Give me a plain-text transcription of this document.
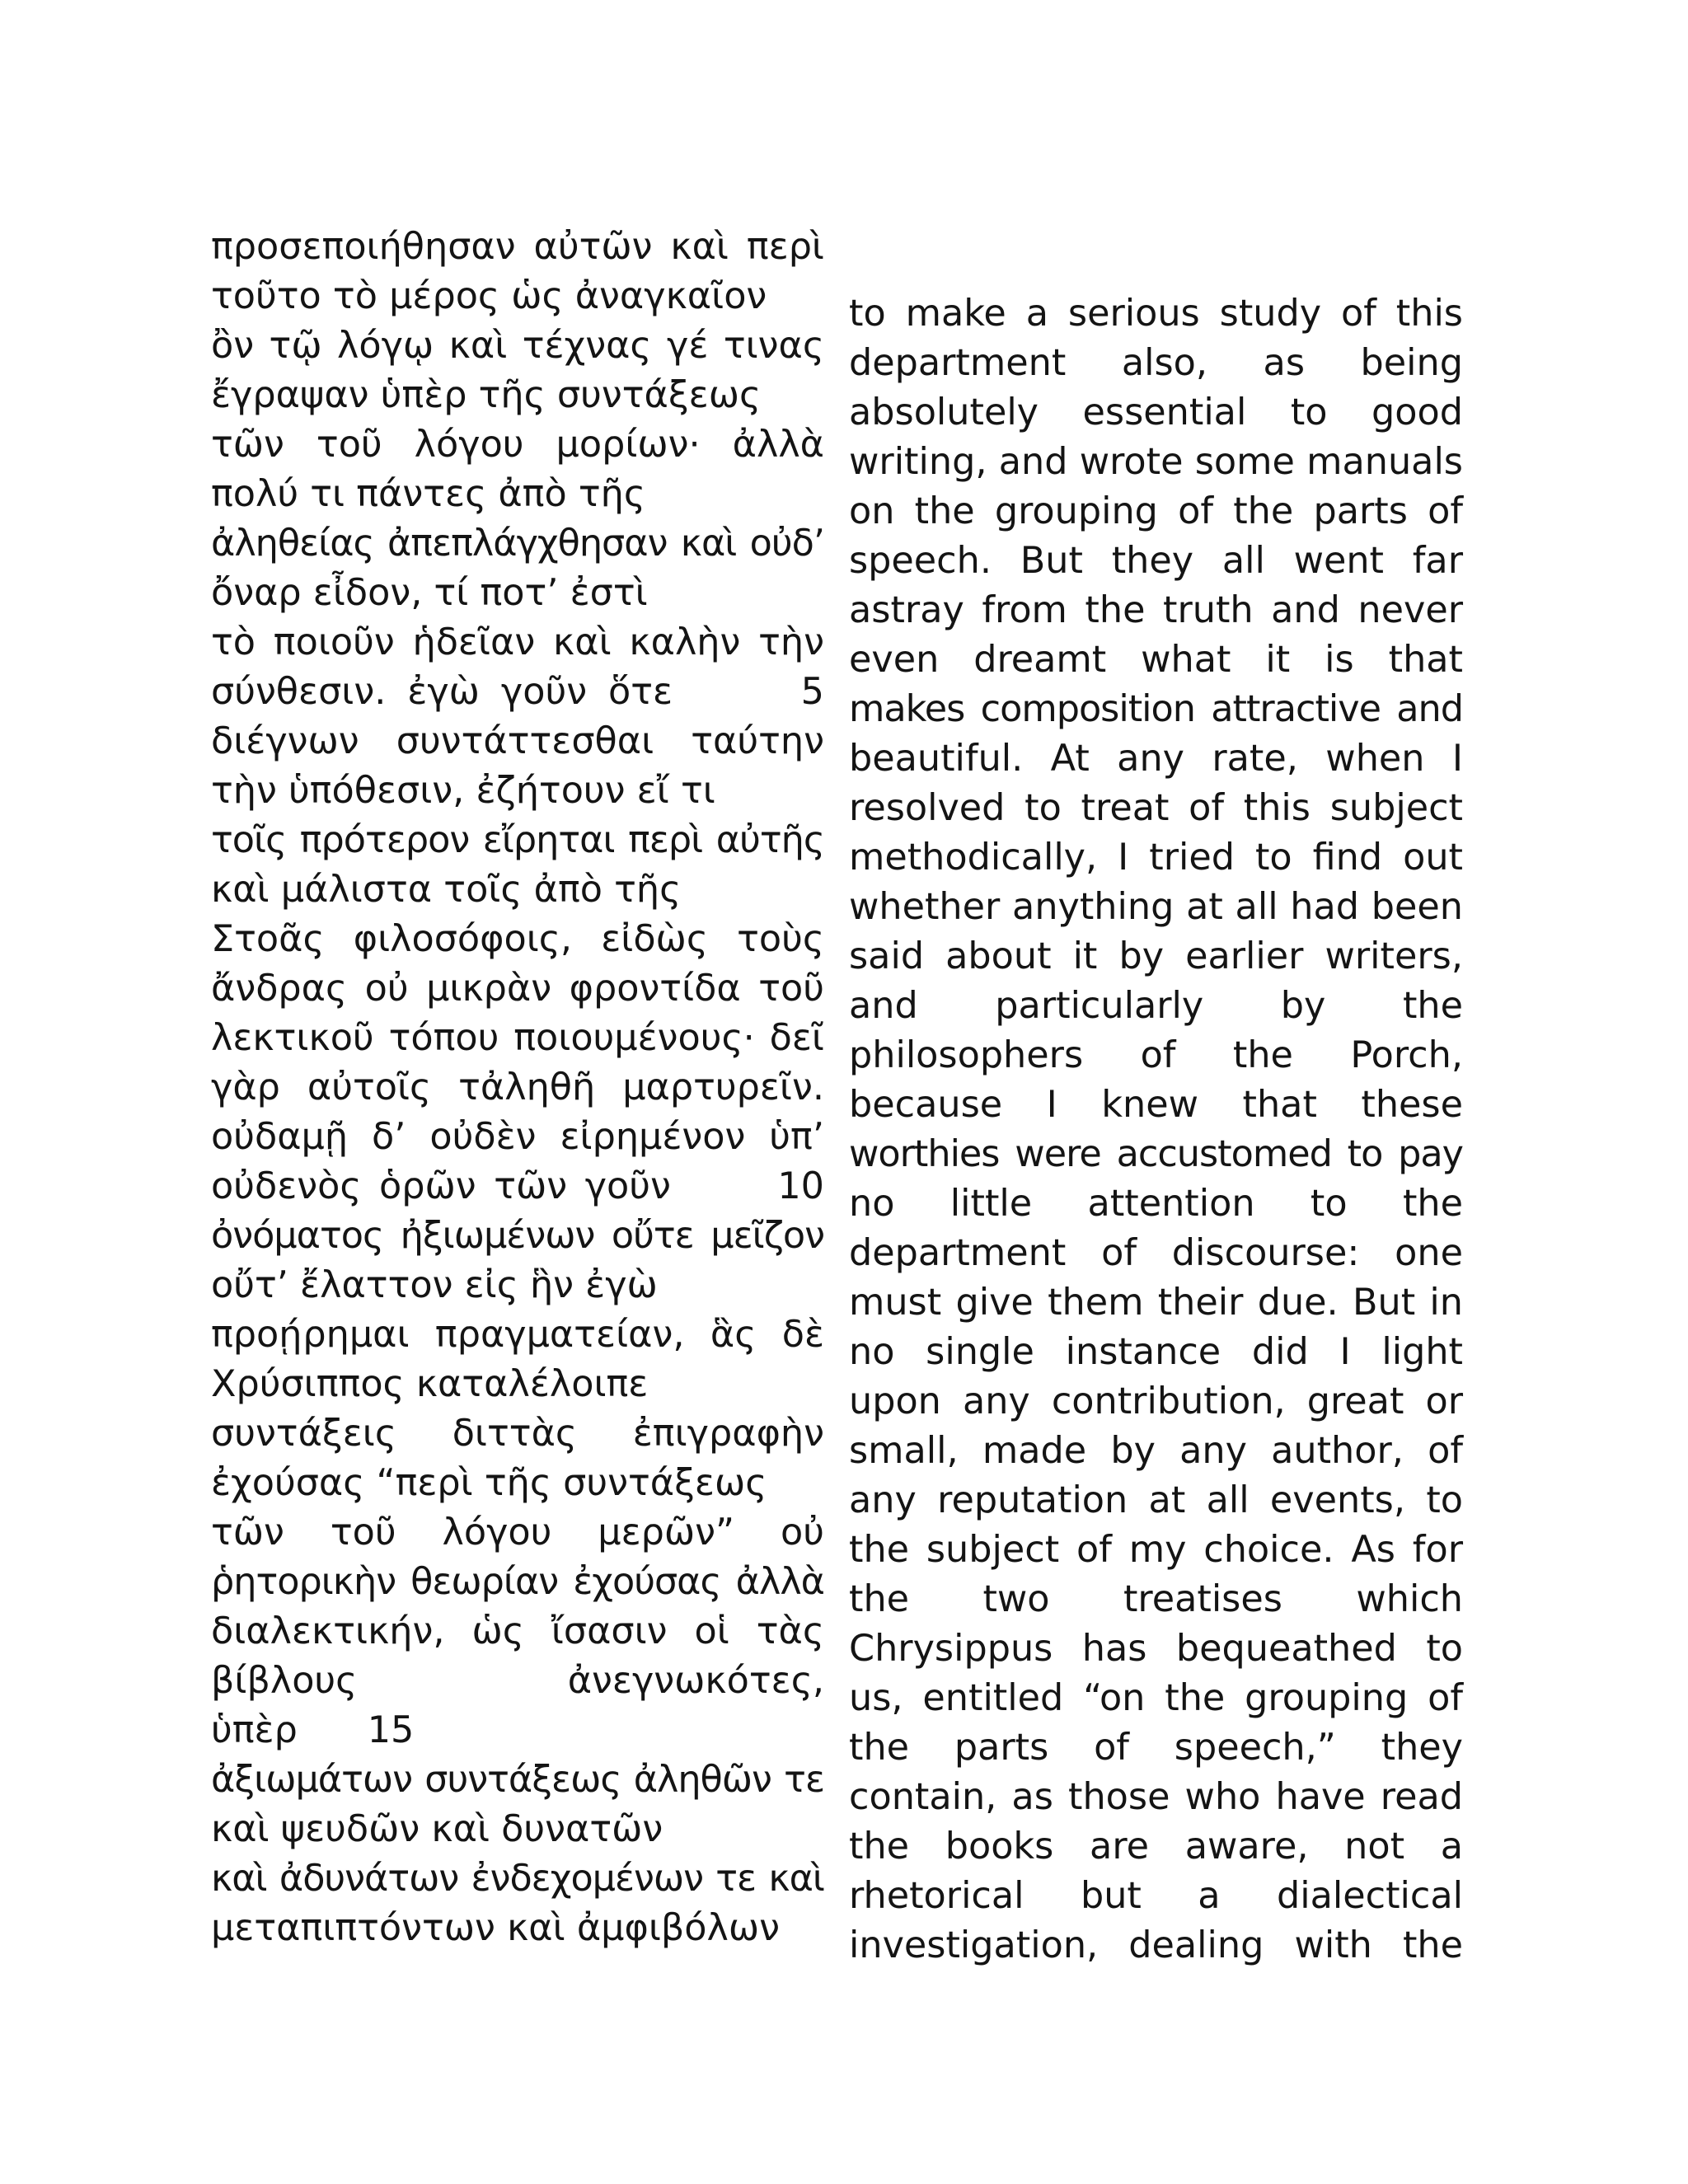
προσεποιήθησαν αὐτῶν καὶ περὶ
τοῦτο τὸ μέρος ὡς ἀναγκαῖον
ὂν τῷ λόγῳ καὶ τέχνας γέ τινας
ἔγραψαν ὑπὲρ τῆς συντάξεως
τῶν τοῦ λόγου μορίων· ἀλλὰ
πολύ τι πάντες ἀπὸ τῆς
ἀληθείας ἀπεπλάγχθησαν καὶ οὐδ’
ὄναρ εἶδον, τί ποτ’ ἐστὶ
τὸ ποιοῦν ἡδεῖαν καὶ καλὴν τὴν
σύνθεσιν. ἐγὼ γοῦν ὅτε      5
διέγνων συντάττεσθαι ταύτην
τὴν ὑπόθεσιν, ἐζήτουν εἴ τι
τοῖς πρότερον εἴρηται περὶ αὐτῆς
καὶ μάλιστα τοῖς ἀπὸ τῆς
Στοᾶς φιλοσόφοις, εἰδὼς τοὺς
ἄνδρας οὐ μικρὰν φροντίδα τοῦ
λεκτικοῦ τόπου ποιουμένους· δεῖ
γὰρ αὐτοῖς τἀληθῆ μαρτυρεῖν.
οὐδαμῇ δ’ οὐδὲν εἰρημένον ὑπ’
οὐδενὸς ὁρῶν τῶν γοῦν      10
ὀνόματος ἠξιωμένων οὔτε μεῖζον
οὔτ’ ἔλαττον εἰς ἣν ἐγὼ
προῄρημαι πραγματείαν, ἃς δὲ
Χρύσιππος καταλέλοιπε
συντάξεις διττὰς ἐπιγραφὴν
ἐχούσας “περὶ τῆς συντάξεως
τῶν τοῦ λόγου μερῶν” οὐ
ῥητορικὴν θεωρίαν ἐχούσας ἀλλὰ
διαλεκτικήν, ὡς ἴσασιν οἱ τὰς
βίβλους ἀνεγνωκότες,
ὑπὲρ      15
ἀξιωμάτων συντάξεως ἀληθῶν τε
καὶ ψευδῶν καὶ δυνατῶν
καὶ ἀδυνάτων ἐνδεχομένων τε καὶ
μεταπιπτόντων καὶ ἀμφιβόλων
to make a serious study of this
department also, as being
absolutely essential to good
writing, and wrote some manuals
on the grouping of the parts of
speech. But they all went far
astray from the truth and never
even dreamt what it is that
makes composition attractive and
beautiful. At any rate, when I
resolved to treat of this subject
methodically, I tried to find out
whether anything at all had been
said about it by earlier writers,
and particularly by the
philosophers of the Porch,
because I knew that these
worthies were accustomed to pay
no little attention to the
department of discourse: one
must give them their due. But in
no single instance did I light
upon any contribution, great or
small, made by any author, of
any reputation at all events, to
the subject of my choice. As for
the two treatises which
Chrysippus has bequeathed to
us, entitled “on the grouping of
the parts of speech,” they
contain, as those who have read
the books are aware, not a
rhetorical but a dialectical
investigation, dealing with the
